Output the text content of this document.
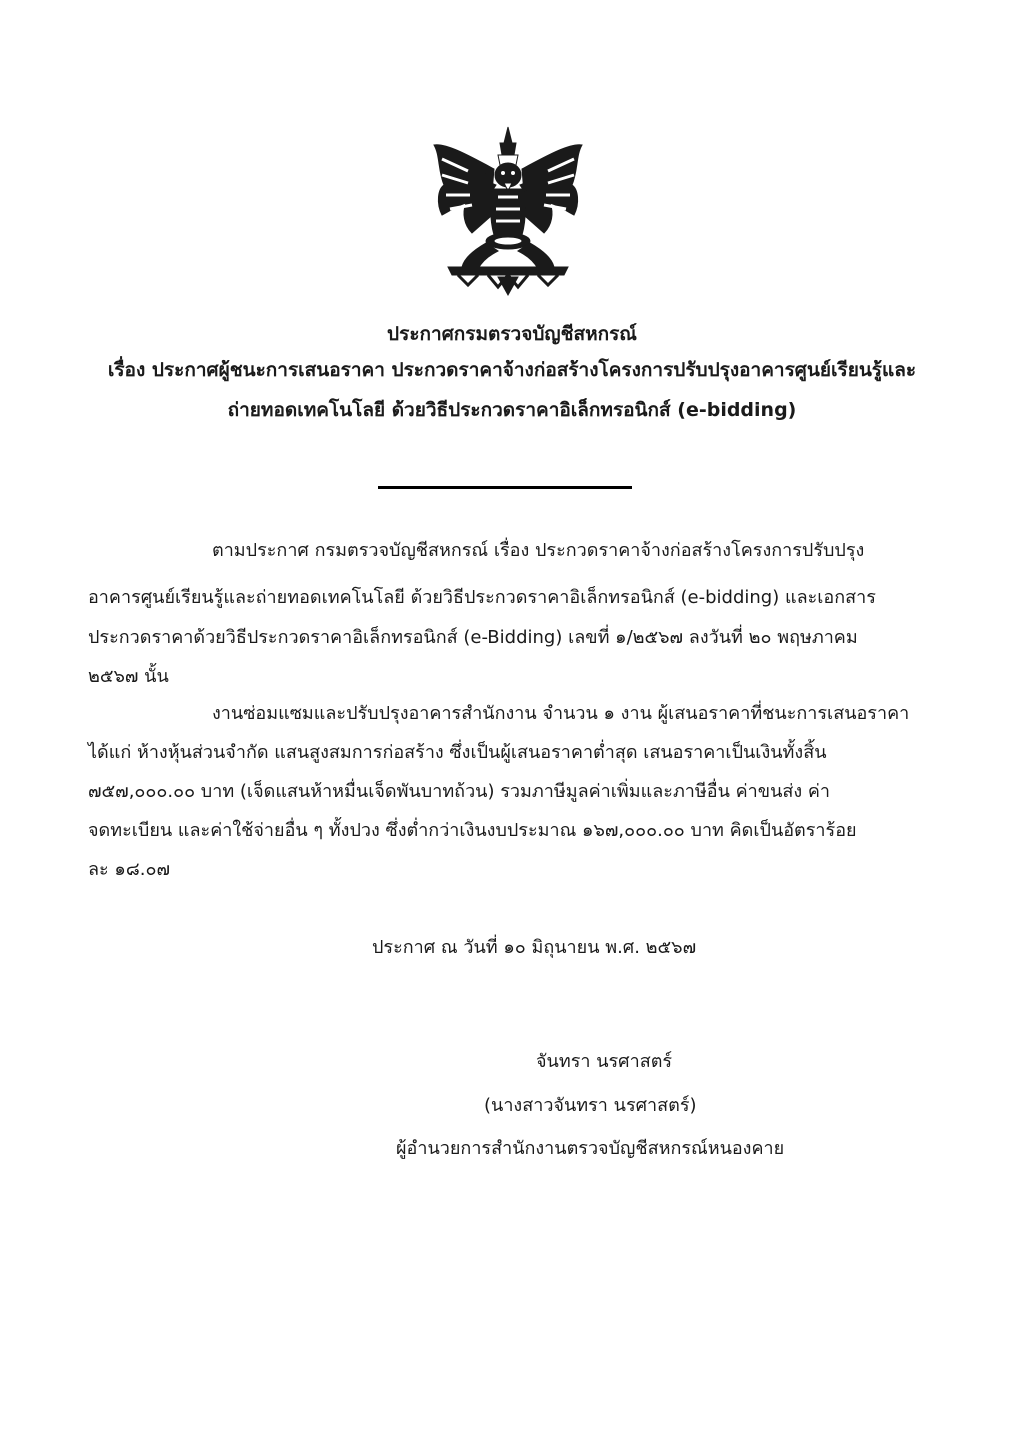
ประกาศกรมตรวจบัญชีสหกรณ์
เรื่อง ประกาศผู้ชนะการเสนอราคา ประกวดราคาจ้างก่อสร้างโครงการปรับปรุงอาคารศูนย์เรียนรู้และ
ถ่ายทอดเทคโนโลยี ด้วยวิธีประกวดราคาอิเล็กทรอนิกส์ (e-bidding)
ตามประกาศ กรมตรวจบัญชีสหกรณ์ เรื่อง ประกวดราคาจ้างก่อสร้างโครงการปรับปรุง
อาคารศูนย์เรียนรู้และถ่ายทอดเทคโนโลยี ด้วยวิธีประกวดราคาอิเล็กทรอนิกส์ (e-bidding) และเอกสาร
ประกวดราคาด้วยวิธีประกวดราคาอิเล็กทรอนิกส์ (e-Bidding) เลขที่ ๑/๒๕๖๗ ลงวันที่ ๒๐ พฤษภาคม
๒๕๖๗ นั้น
งานซ่อมแซมและปรับปรุงอาคารสำนักงาน จำนวน ๑ งาน ผู้เสนอราคาที่ชนะการเสนอราคา
ได้แก่ ห้างหุ้นส่วนจำกัด แสนสูงสมการก่อสร้าง ซึ่งเป็นผู้เสนอราคาต่ำสุด เสนอราคาเป็นเงินทั้งสิ้น
๗๕๗,๐๐๐.๐๐ บาท (เจ็ดแสนห้าหมื่นเจ็ดพันบาทถ้วน) รวมภาษีมูลค่าเพิ่มและภาษีอื่น ค่าขนส่ง ค่า
จดทะเบียน และค่าใช้จ่ายอื่น ๆ ทั้งปวง ซึ่งต่ำกว่าเงินงบประมาณ ๑๖๗,๐๐๐.๐๐ บาท คิดเป็นอัตราร้อย
ละ ๑๘.๐๗
ประกาศ ณ วันที่ ๑๐ มิถุนายน พ.ศ. ๒๕๖๗
จันทรา นรศาสตร์
(นางสาวจันทรา นรศาสตร์)
ผู้อำนวยการสำนักงานตรวจบัญชีสหกรณ์หนองคาย
